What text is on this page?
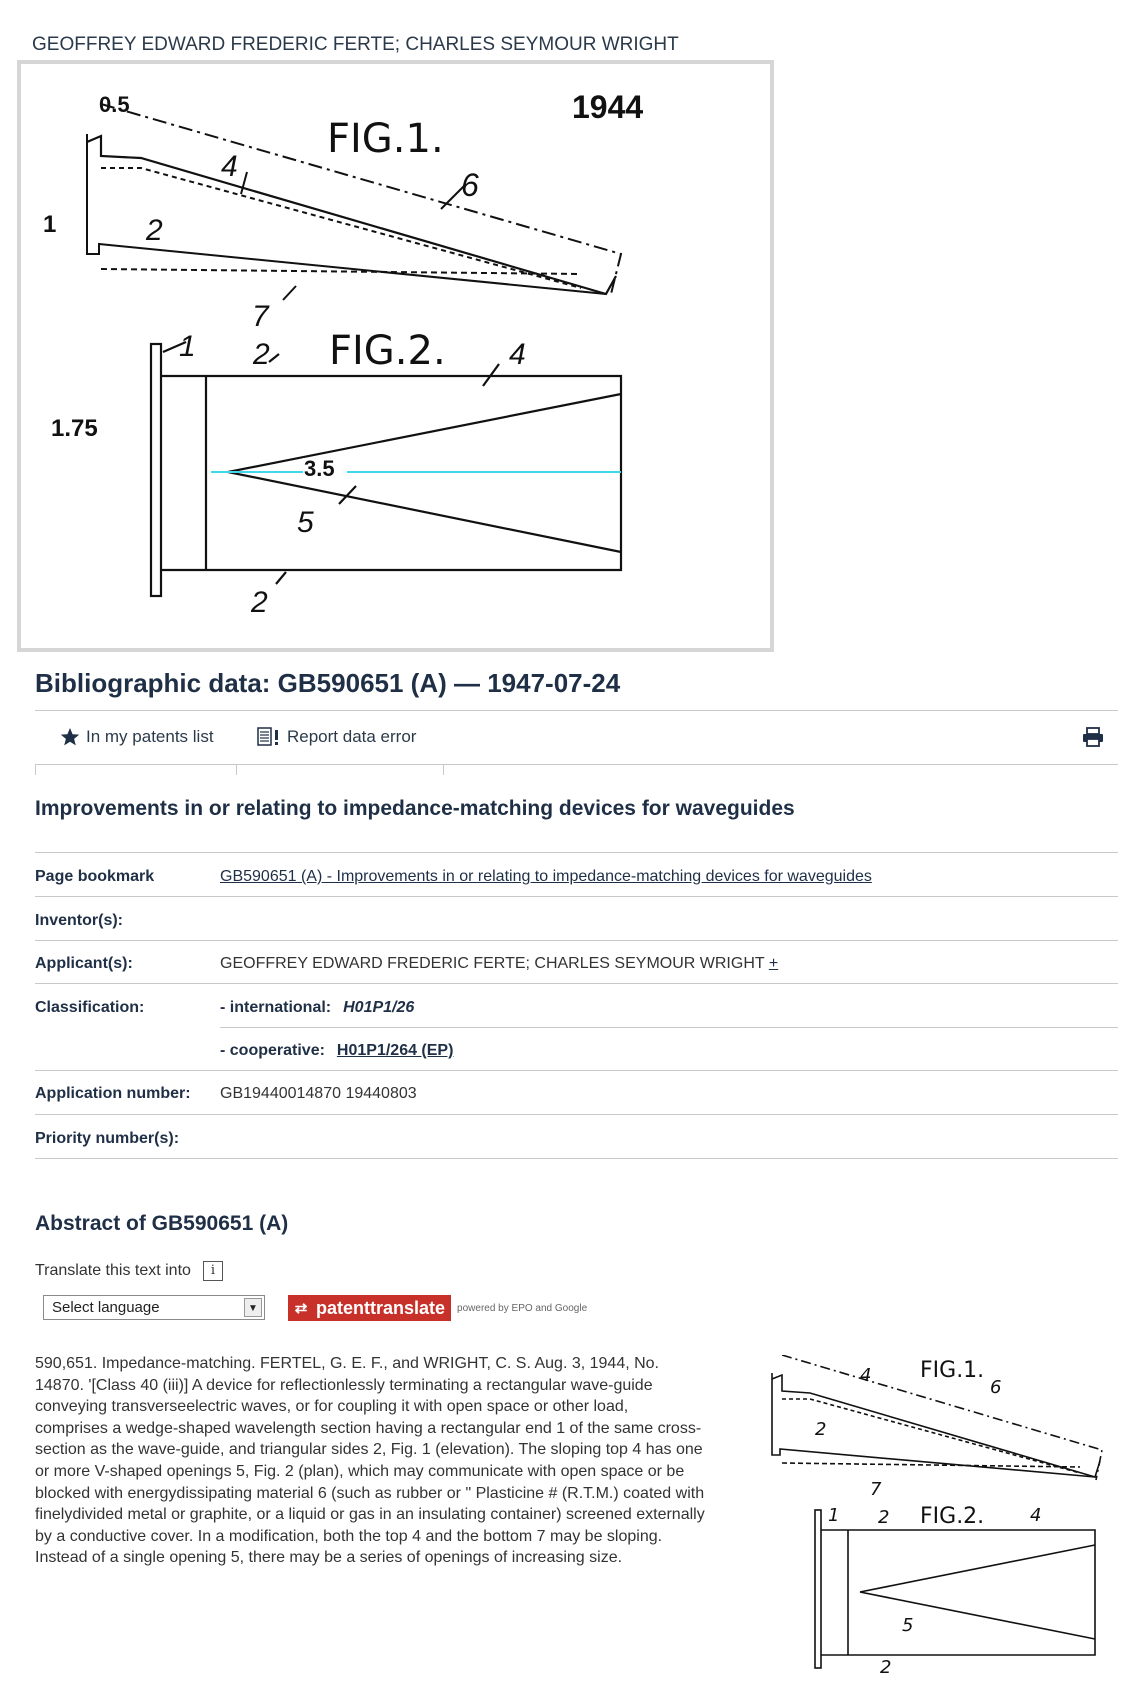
GEOFFREY EDWARD FREDERIC FERTE; CHARLES SEYMOUR WRIGHT
0.5	1944
FIG.1.
1	2
4
6
7
3.5
1 2 FIG.2. 4
1.75
5
2
Bibliographic data: GB590651 (A) — 1947-07-24
In my patents list	Report data error
Improvements in or relating to impedance-matching devices for waveguides
Page bookmark	GB590651 (A) - Improvements in or relating to impedance-matching devices for waveguides
Inventor(s):
Applicant(s):	GEOFFREY EDWARD FREDERIC FERTE; CHARLES SEYMOUR WRIGHT +
Classification:	- international: H01P1/26
- cooperative: H01P1/264 (EP)
Application number: GB19440014870 19440803
Priority number(s):
Abstract of GB590651 (A)
Translate this text into	i
Select language	▼	⇄ patenttranslate	powered by EPO and Google
590,651. Impedance-matching. FERTEL, G. E. F., and WRIGHT, C. S. Aug. 3, 1944, No. 14870. '[Class 40 (iii)] A device for reflectionlessly terminating a rectangular wave-guide conveying transverseelectric waves, or for coupling it with open space or other load, comprises a wedge-shaped wavelength section having a rectangular end 1 of the same cross-section as the wave-guide, and triangular sides 2, Fig. 1 (elevation). The sloping top 4 has one or more V-shaped openings 5, Fig. 2 (plan), which may communicate with open space or be blocked with energydissipating material 6 (such as rubber or " Plasticine # (R.T.M.) coated with finelydivided metal or graphite, or a liquid or gas in an insulating container) screened externally by a conductive cover. In a modification, both the top 4 and the bottom 7 may be sloping. Instead of a single opening 5, there may be a series of openings of increasing size.
4
6
2
7
FIG.1.
1 2 FIG.2.	4
5
2
